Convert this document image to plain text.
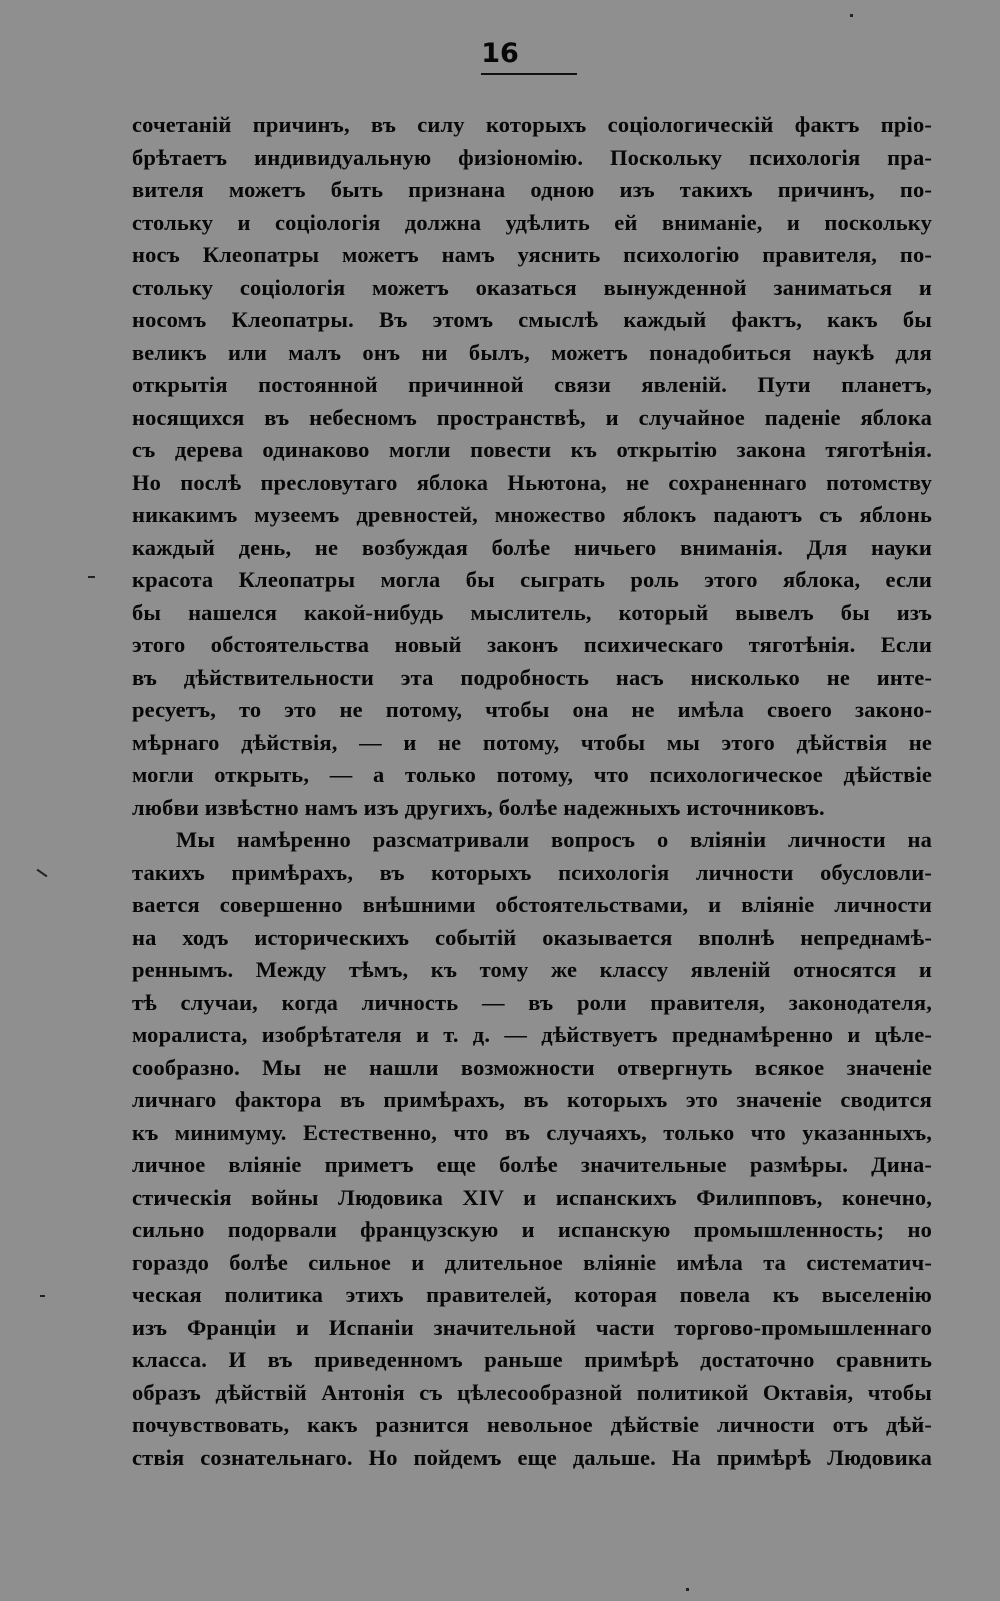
16
сочетаній причинъ, въ силу которыхъ соціологическій фактъ пріо-
брѣтаетъ индивидуальную физіономію. Поскольку психологія пра-
вителя можетъ быть признана одною изъ такихъ причинъ, по-
стольку и соціологія должна удѣлить ей вниманіе, и поскольку
носъ Клеопатры можетъ намъ уяснить психологію правителя, по-
стольку соціологія можетъ оказаться вынужденной заниматься и
носомъ Клеопатры. Въ этомъ смыслѣ каждый фактъ, какъ бы
великъ или малъ онъ ни былъ, можетъ понадобиться наукѣ для
открытія постоянной причинной связи явленій. Пути планетъ,
носящихся въ небесномъ пространствѣ, и случайное паденіе яблока
съ дерева одинаково могли повести къ открытію закона тяготѣнія.
Но послѣ пресловутаго яблока Ньютона, не сохраненнаго потомству
никакимъ музеемъ древностей, множество яблокъ падаютъ съ яблонь
каждый день, не возбуждая болѣе ничьего вниманія. Для науки
красота Клеопатры могла бы сыграть роль этого яблока, если
бы нашелся какой-нибудь мыслитель, который вывелъ бы изъ
этого обстоятельства новый законъ психическаго тяготѣнія. Если
въ дѣйствительности эта подробность насъ нисколько не инте-
ресуетъ, то это не потому, чтобы она не имѣла своего законо-
мѣрнаго дѣйствія, — и не потому, чтобы мы этого дѣйствія не
могли открыть, — а только потому, что психологическое дѣйствіе
любви извѣстно намъ изъ другихъ, болѣе надежныхъ источниковъ.
Мы намѣренно разсматривали вопросъ о вліяніи личности на
такихъ примѣрахъ, въ которыхъ психологія личности обусловли-
вается совершенно внѣшними обстоятельствами, и вліяніе личности
на ходъ историческихъ событій оказывается вполнѣ непреднамѣ-
реннымъ. Между тѣмъ, къ тому же классу явленій относятся и
тѣ случаи, когда личность — въ роли правителя, законодателя,
моралиста, изобрѣтателя и т. д. — дѣйствуетъ преднамѣренно и цѣле-
сообразно. Мы не нашли возможности отвергнуть всякое значеніе
личнаго фактора въ примѣрахъ, въ которыхъ это значеніе сводится
къ минимуму. Естественно, что въ случаяхъ, только что указанныхъ,
личное вліяніе приметъ еще болѣе значительные размѣры. Дина-
стическія войны Людовика XIV и испанскихъ Филипповъ, конечно,
сильно подорвали французскую и испанскую промышленность; но
гораздо болѣе сильное и длительное вліяніе имѣла та систематич-
ческая политика этихъ правителей, которая повела къ выселенію
изъ Франціи и Испаніи значительной части торгово-промышленнаго
класса. И въ приведенномъ раньше примѣрѣ достаточно сравнить
образъ дѣйствій Антонія съ цѣлесообразной политикой Октавія, чтобы
почувствовать, какъ разнится невольное дѣйствіе личности отъ дѣй-
ствія сознательнаго. Но пойдемъ еще дальше. На примѣрѣ Людовика
